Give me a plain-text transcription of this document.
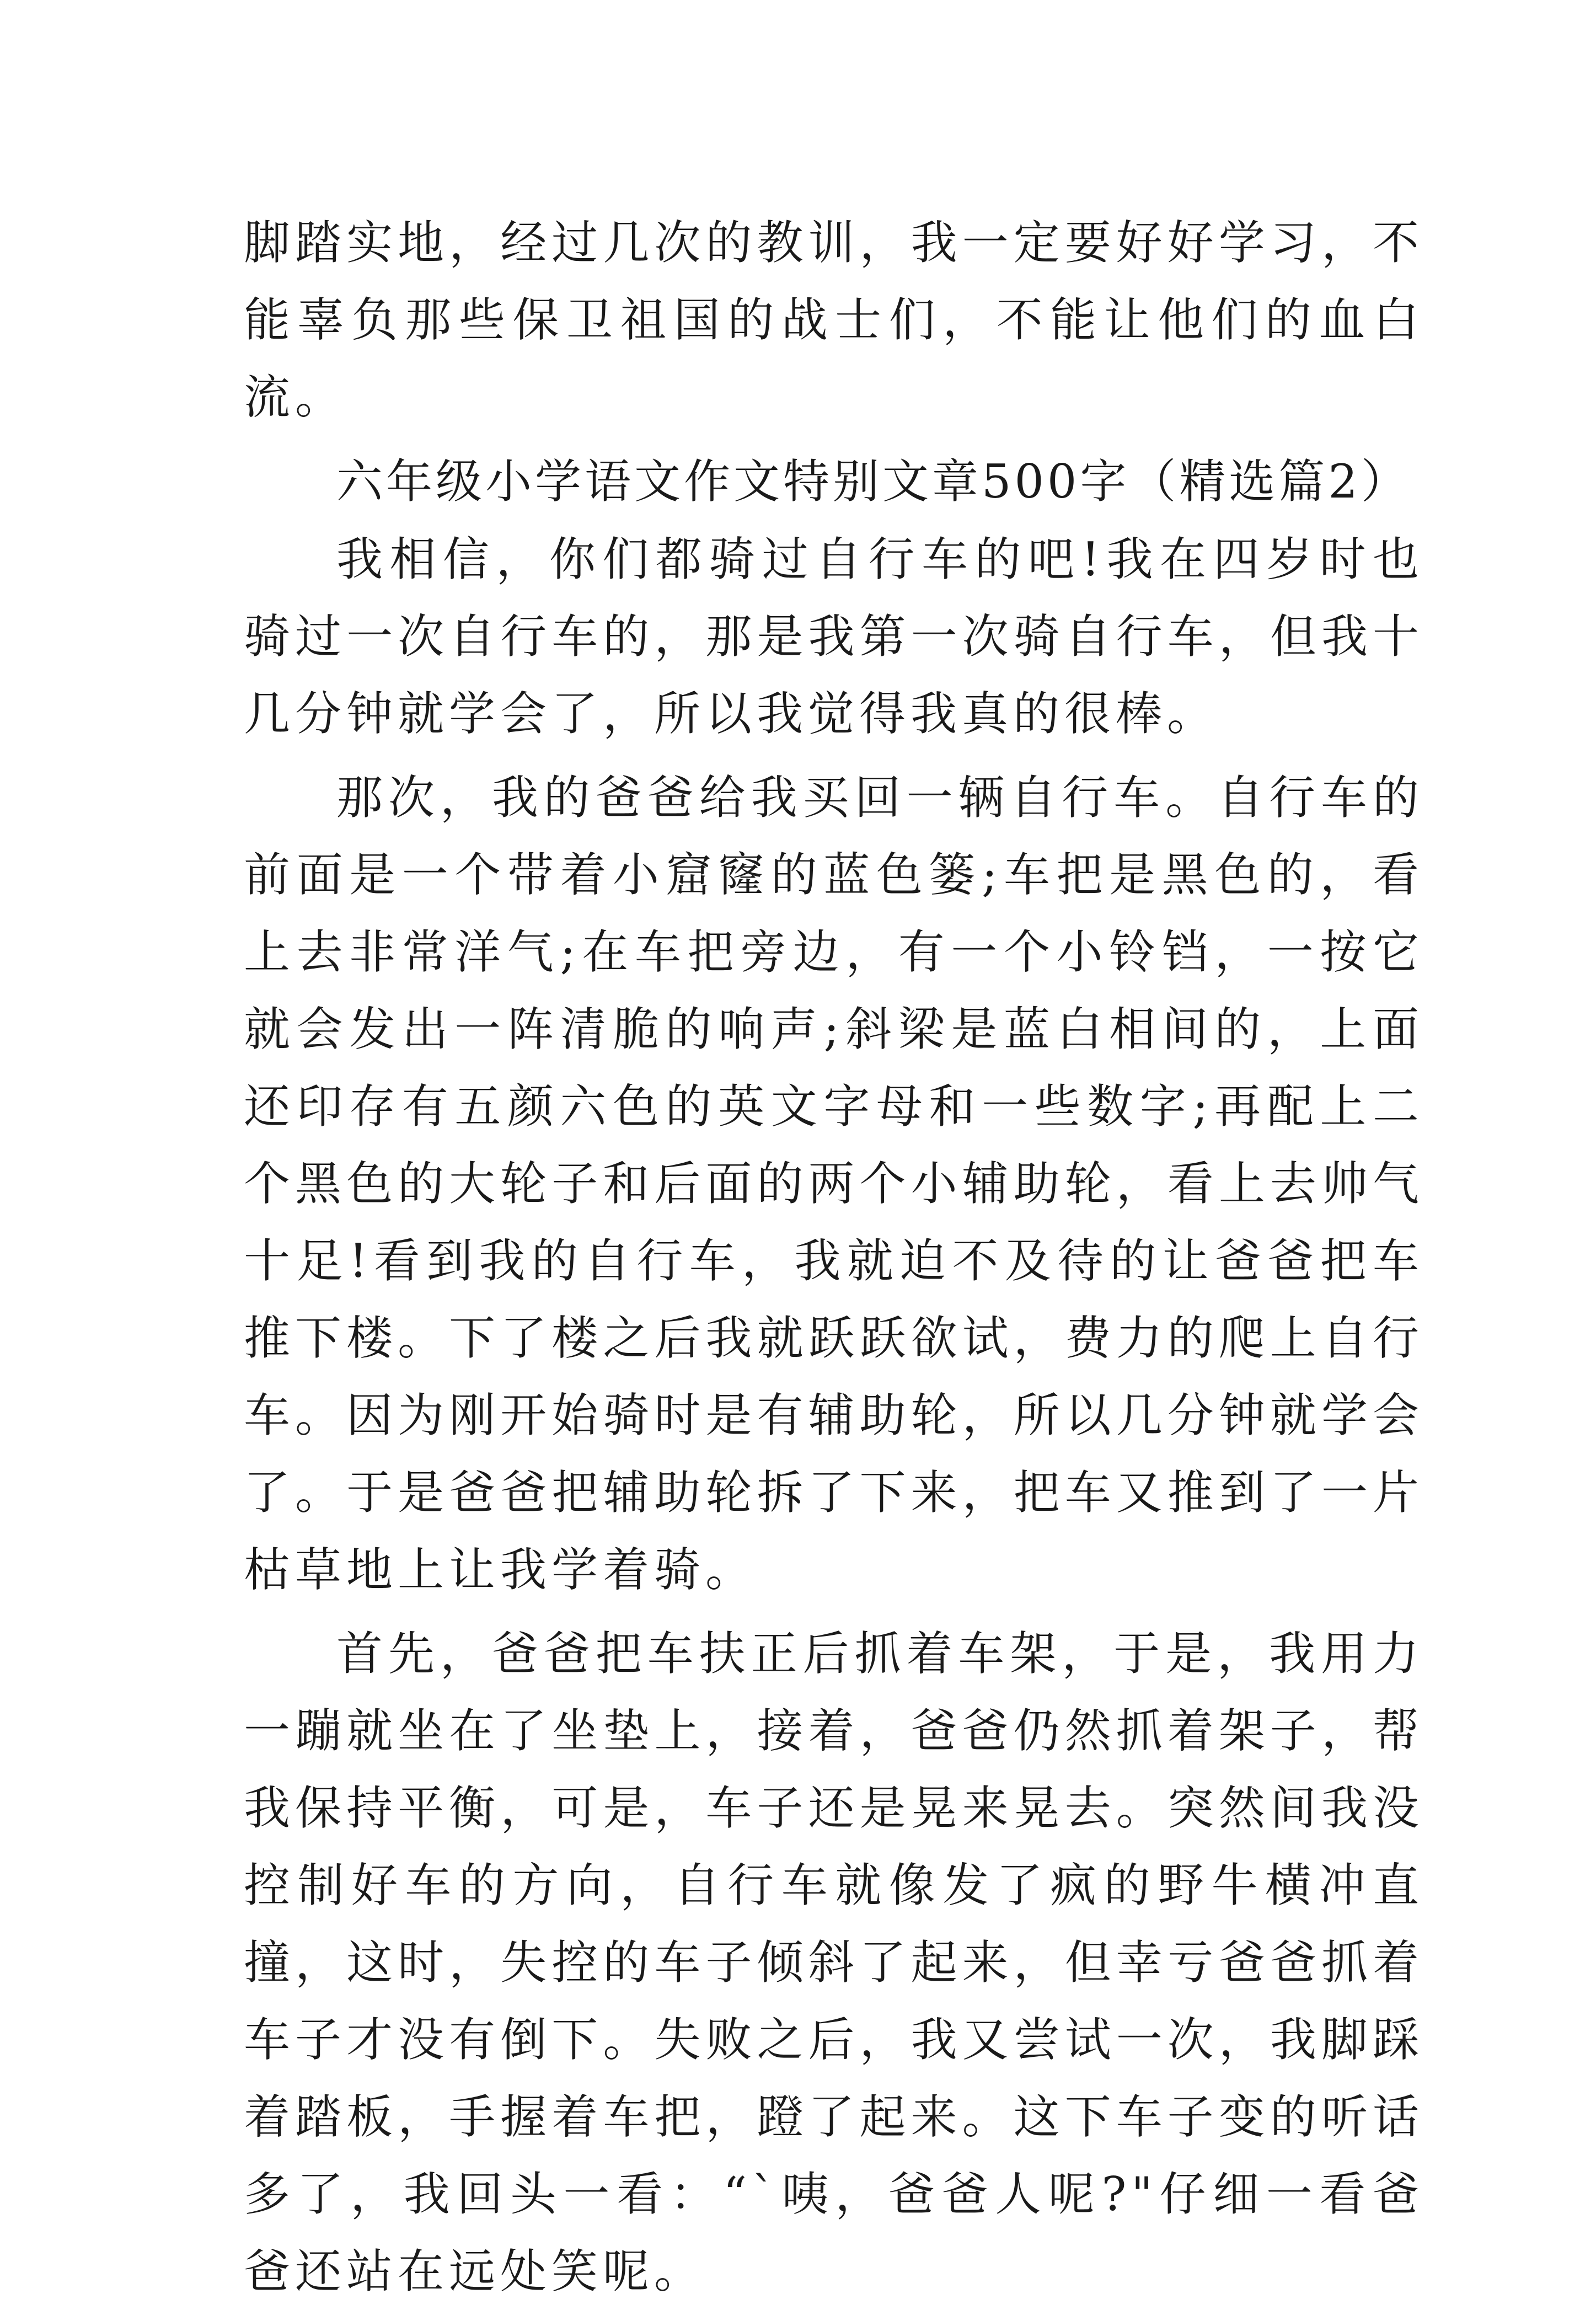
脚踏实地，经过几次的教训，我一定要好好学习，不能辜负那些保卫祖国的战士们，不能让他们的血白流。

六年级小学语文作文特别文章500字（精选篇2）

我相信，你们都骑过自行车的吧!我在四岁时也骑过一次自行车的，那是我第一次骑自行车，但我十几分钟就学会了，所以我觉得我真的很棒。

那次，我的爸爸给我买回一辆自行车。自行车的前面是一个带着小窟窿的蓝色篓;车把是黑色的，看上去非常洋气;在车把旁边，有一个小铃铛，一按它就会发出一阵清脆的响声;斜梁是蓝白相间的，上面还印存有五颜六色的英文字母和一些数字;再配上二个黑色的大轮子和后面的两个小辅助轮，看上去帅气十足!看到我的自行车，我就迫不及待的让爸爸把车推下楼。下了楼之后我就跃跃欲试，费力的爬上自行车。因为刚开始骑时是有辅助轮，所以几分钟就学会了。于是爸爸把辅助轮拆了下来，把车又推到了一片枯草地上让我学着骑。

首先，爸爸把车扶正后抓着车架，于是，我用力一蹦就坐在了坐垫上，接着，爸爸仍然抓着架子，帮我保持平衡，可是，车子还是晃来晃去。突然间我没控制好车的方向，自行车就像发了疯的野牛横冲直撞，这时，失控的车子倾斜了起来，但幸亏爸爸抓着车子才没有倒下。失败之后，我又尝试一次，我脚踩着踏板，手握着车把，蹬了起来。这下车子变的听话多了，我回头一看：“`咦，爸爸人呢?"仔细一看爸爸还站在远处笑呢。
